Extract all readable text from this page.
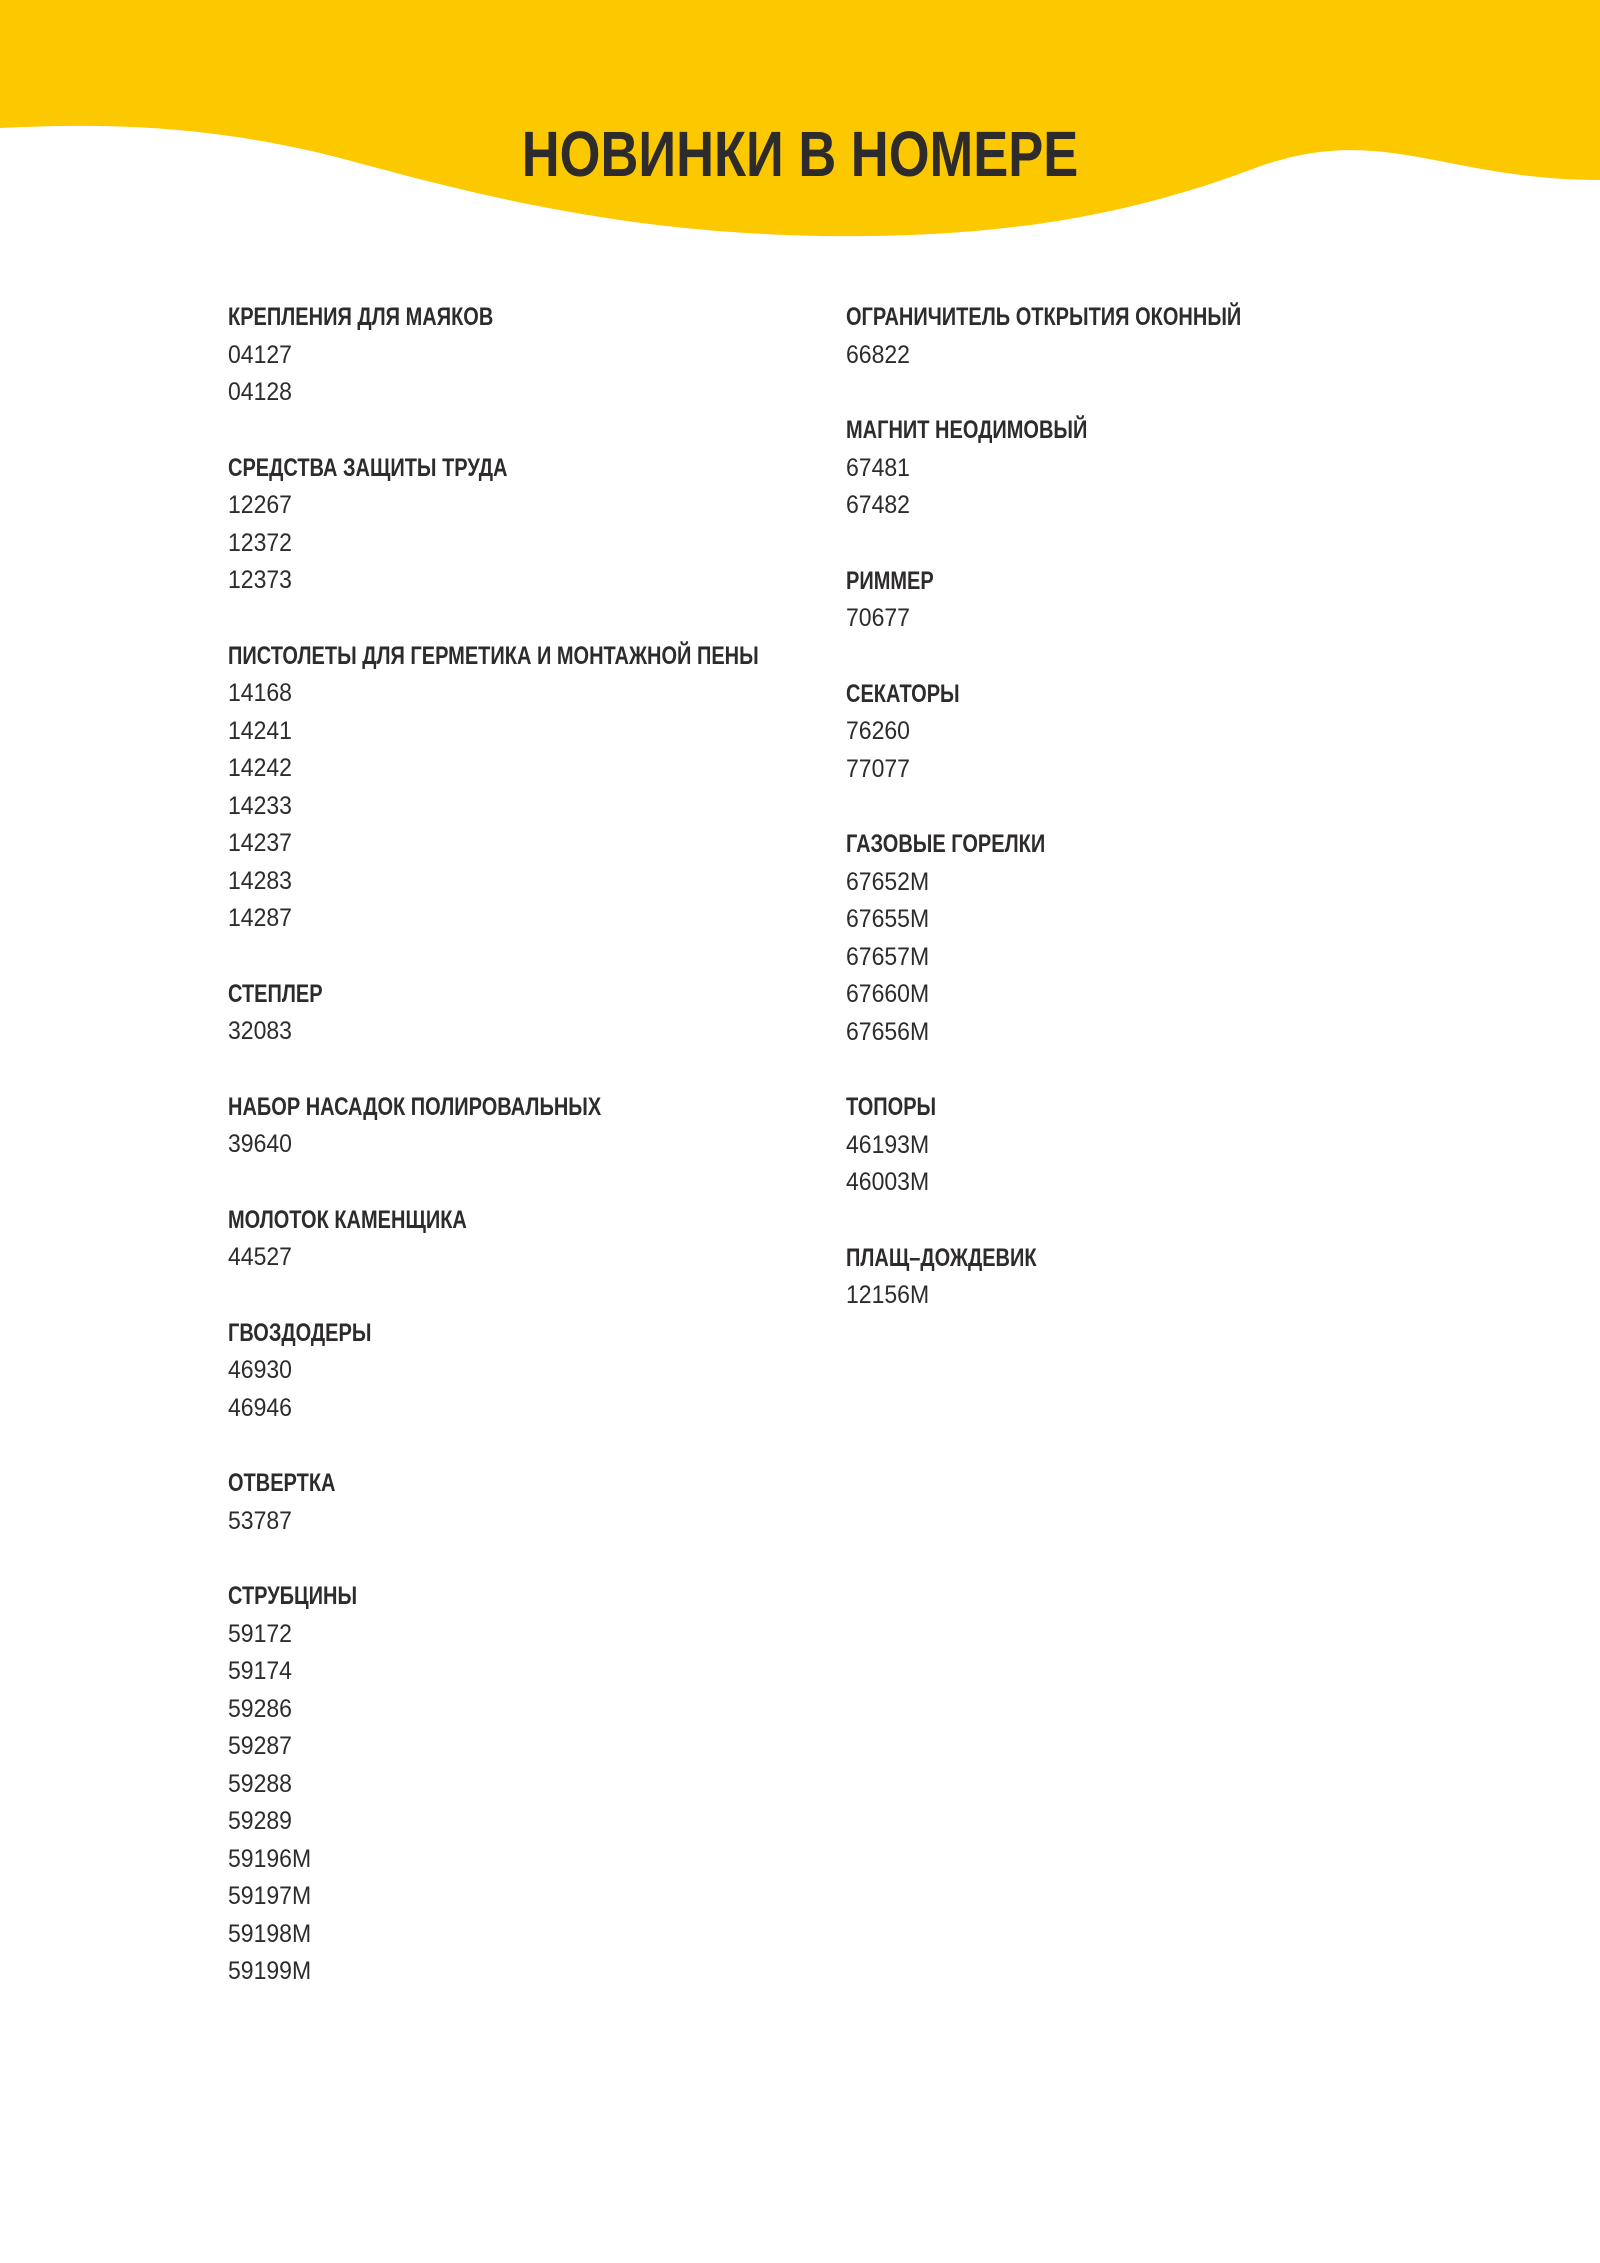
НОВИНКИ В НОМЕРЕ
КРЕПЛЕНИЯ ДЛЯ МАЯКОВ
04127
04128
СРЕДСТВА ЗАЩИТЫ ТРУДА
12267
12372
12373
ПИСТОЛЕТЫ ДЛЯ ГЕРМЕТИКА И МОНТАЖНОЙ ПЕНЫ
14168
14241
14242
14233
14237
14283
14287
СТЕПЛЕР
32083
НАБОР НАСАДОК ПОЛИРОВАЛЬНЫХ
39640
МОЛОТОК КАМЕНЩИКА
44527
ГВОЗДОДЕРЫ
46930
46946
ОТВЕРТКА
53787
СТРУБЦИНЫ
59172
59174
59286
59287
59288
59289
59196М
59197М
59198М
59199М
ОГРАНИЧИТЕЛЬ ОТКРЫТИЯ ОКОННЫЙ
66822
МАГНИТ НЕОДИМОВЫЙ
67481
67482
РИММЕР
70677
СЕКАТОРЫ
76260
77077
ГАЗОВЫЕ ГОРЕЛКИ
67652М
67655М
67657М
67660М
67656М
ТОПОРЫ
46193М
46003М
ПЛАЩ–ДОЖДЕВИК
12156М
